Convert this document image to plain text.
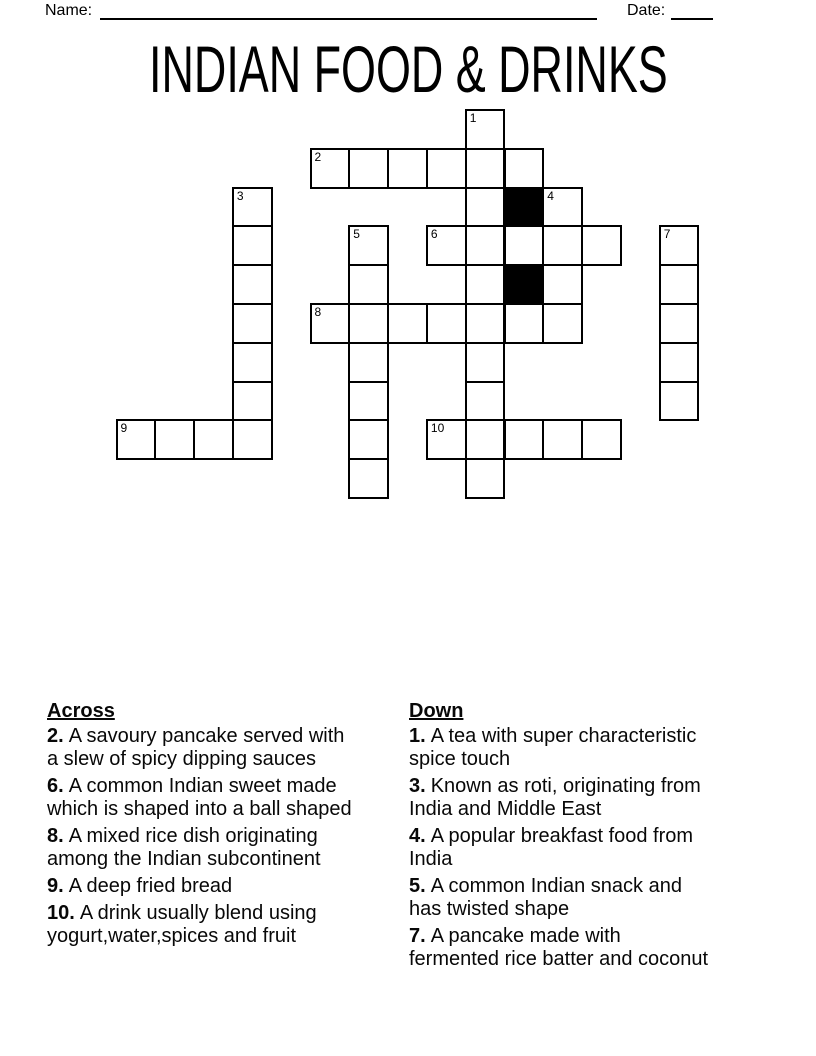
Name:	Date:
INDIAN FOOD & DRINKS
1
2
3	4
5	6	7
8
9	10
Across
2. A savoury pancake served with
a slew of spicy dipping sauces
6. A common Indian sweet made
which is shaped into a ball shaped
8. A mixed rice dish originating
among the Indian subcontinent
9. A deep fried bread
10. A drink usually blend using
yogurt,water,spices and fruit
Down
1. A tea with super characteristic
spice touch
3. Known as roti, originating from
India and Middle East
4. A popular breakfast food from
India
5. A common Indian snack and
has twisted shape
7. A pancake made with
fermented rice batter and coconut
